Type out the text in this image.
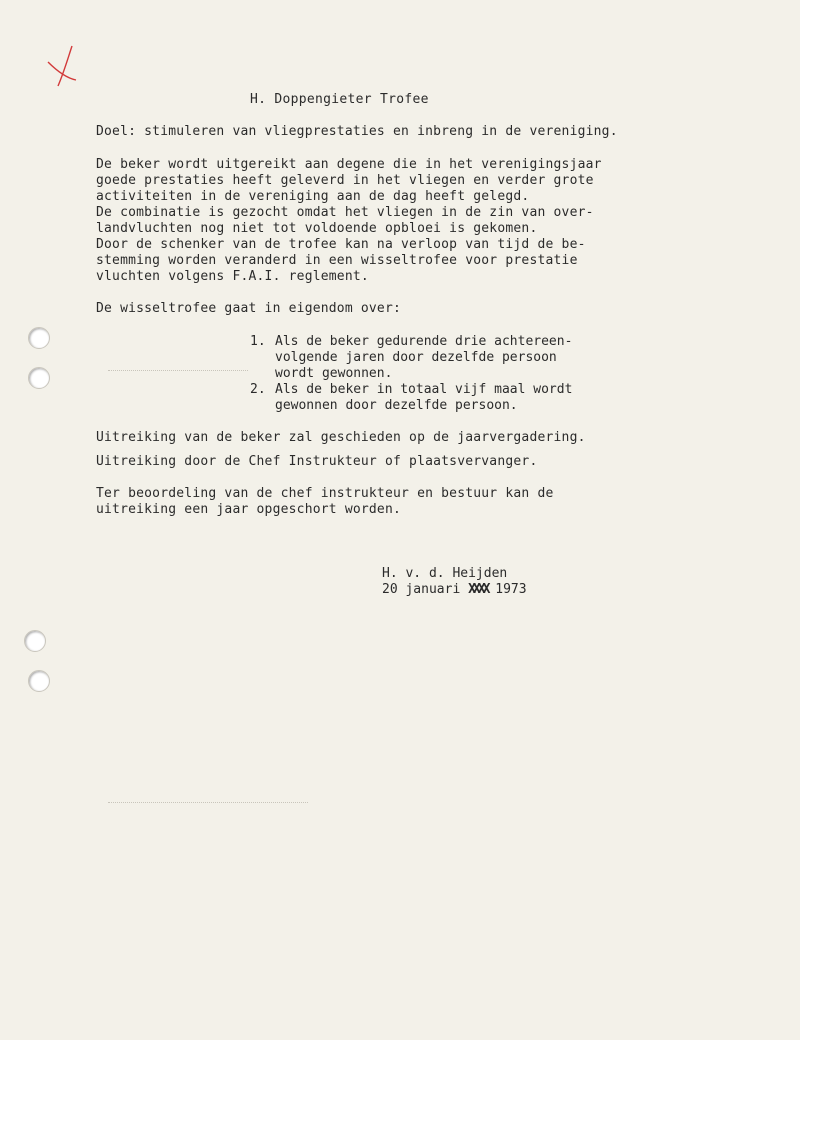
H. Doppengieter Trofee
Doel: stimuleren van vliegprestaties en inbreng in de vereniging.
De beker wordt uitgereikt aan degene die in het verenigingsjaar
goede prestaties heeft geleverd in het vliegen en verder grote
activiteiten in de vereniging aan de dag heeft gelegd.
De combinatie is gezocht omdat het vliegen in de zin van over-
landvluchten nog niet tot voldoende opbloei is gekomen.
Door de schenker van de trofee kan na verloop van tijd de be-
stemming worden veranderd in een wisseltrofee voor prestatie
vluchten volgens F.A.I. reglement.
De wisseltrofee gaat in eigendom over:
1. Als de beker gedurende drie achtereen-
volgende jaren door dezelfde persoon
wordt gewonnen.
2. Als de beker in totaal vijf maal wordt
gewonnen door dezelfde persoon.
Uitreiking van de beker zal geschieden op de jaarvergadering.
Uitreiking door de Chef Instrukteur of plaatsvervanger.
Ter beoordeling van de chef instrukteur en bestuur kan de
uitreiking een jaar opgeschort worden.
H. v. d. Heijden
20 januari XXXX 1973
